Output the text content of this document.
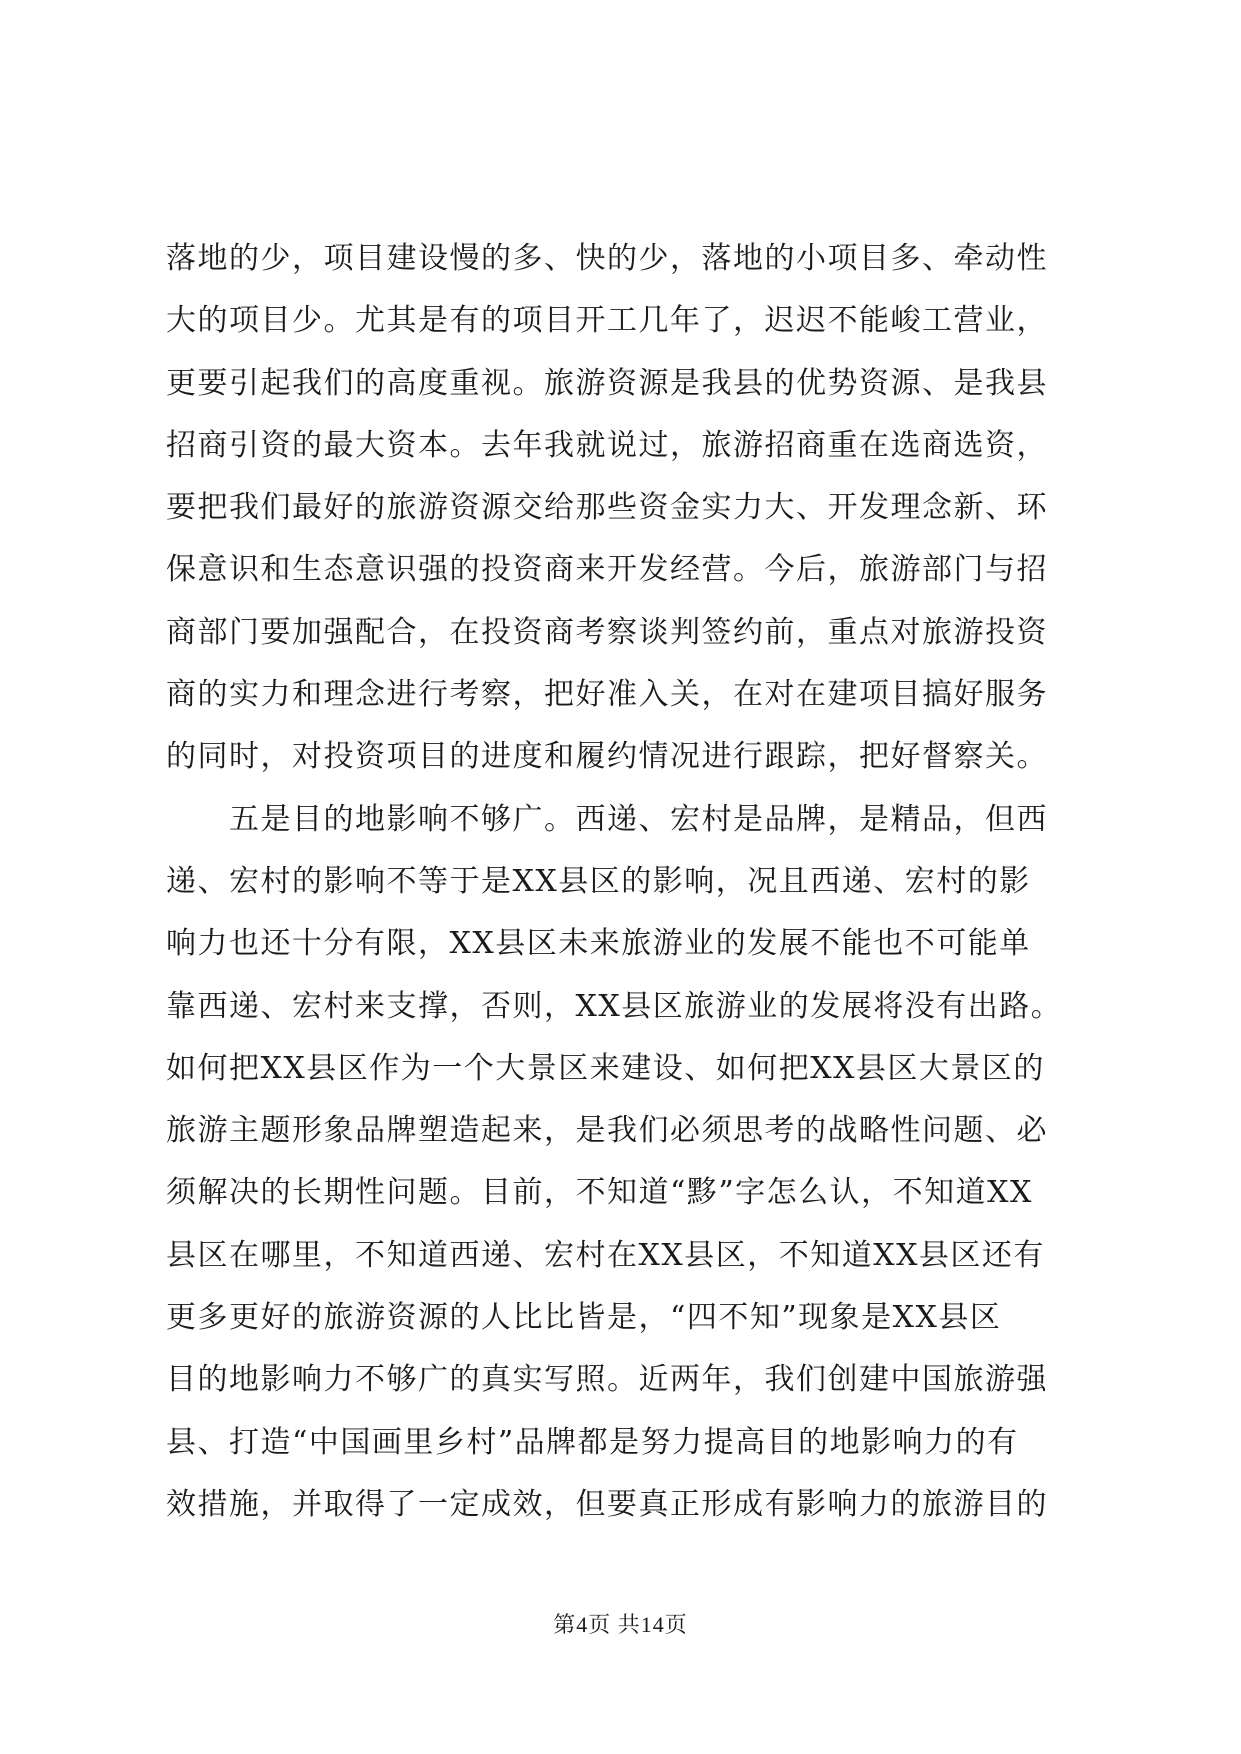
落地的少，项目建设慢的多、快的少，落地的小项目多、牵动性
大的项目少。尤其是有的项目开工几年了，迟迟不能峻工营业，
更要引起我们的高度重视。旅游资源是我县的优势资源、是我县
招商引资的最大资本。去年我就说过，旅游招商重在选商选资，
要把我们最好的旅游资源交给那些资金实力大、开发理念新、环
保意识和生态意识强的投资商来开发经营。今后，旅游部门与招
商部门要加强配合，在投资商考察谈判签约前，重点对旅游投资
商的实力和理念进行考察，把好准入关，在对在建项目搞好服务
的同时，对投资项目的进度和履约情况进行跟踪，把好督察关。
　　五是目的地影响不够广。西递、宏村是品牌，是精品，但西
递、宏村的影响不等于是XX县区的影响，况且西递、宏村的影
响力也还十分有限，XX县区未来旅游业的发展不能也不可能单
靠西递、宏村来支撑，否则，XX县区旅游业的发展将没有出路。
如何把XX县区作为一个大景区来建设、如何把XX县区大景区的
旅游主题形象品牌塑造起来，是我们必须思考的战略性问题、必
须解决的长期性问题。目前，不知道“黟”字怎么认，不知道XX
县区在哪里，不知道西递、宏村在XX县区，不知道XX县区还有
更多更好的旅游资源的人比比皆是，“四不知”现象是XX县区
目的地影响力不够广的真实写照。近两年，我们创建中国旅游强
县、打造“中国画里乡村”品牌都是努力提高目的地影响力的有
效措施，并取得了一定成效，但要真正形成有影响力的旅游目的
第4页 共14页
